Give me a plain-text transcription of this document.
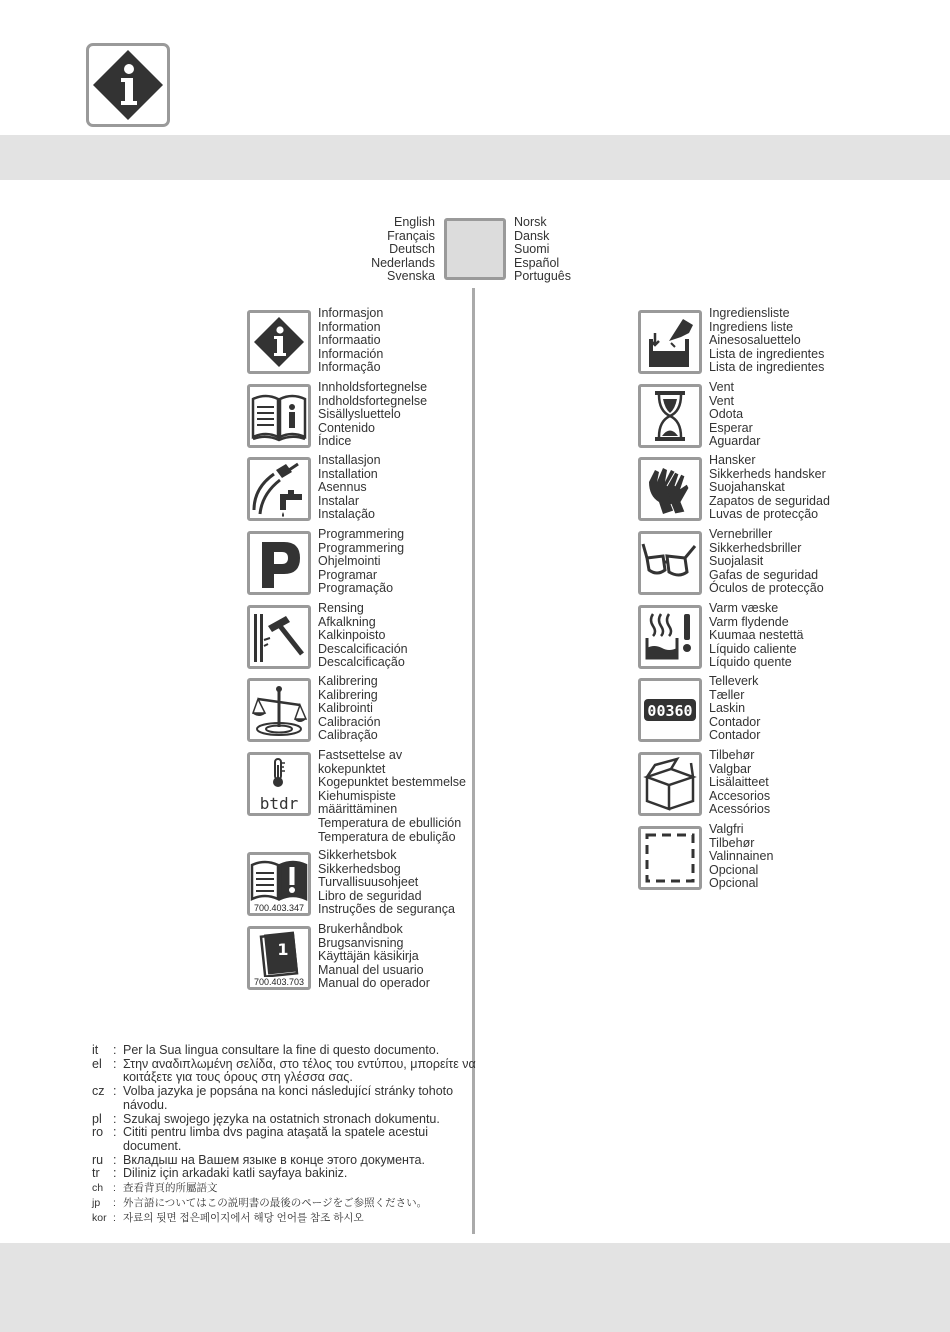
English
Français
Deutsch
Nederlands
Svenska
Norsk
Dansk
Suomi
Español
Português
Informasjon
Information
Informaatio
Información
Informação
Innholdsfortegnelse
Indholdsfortegnelse
Sisällysluettelo
Contenido
Índice
Installasjon
Installation
Asennus
Instalar
Instalação
Programmering
Programmering
Ohjelmointi
Programar
Programação
Rensing
Afkalkning
Kalkinpoisto
Descalcificación
Descalcificação
Kalibrering
Kalibrering
Kalibrointi
Calibración
Calibração
btdr
Fastsettelse av
kokepunktet
Kogepunktet bestemmelse
Kiehumispiste
määrittäminen
Temperatura de ebullición
Temperatura de ebulição
700.403.347
Sikkerhetsbok
Sikkerhedsbog
Turvallisuusohjeet
Libro de seguridad
Instruções de segurança
1
700.403.703
Brukerhåndbok
Brugsanvisning
Käyttäjän käsikirja
Manual del usuario
Manual do operador
Ingrediensliste
Ingrediens liste
Ainesosaluettelo
Lista de ingredientes
Lista de ingredientes
Vent
Vent
Odota
Esperar
Aguardar
Hansker
Sikkerheds handsker
Suojahanskat
Zapatos de seguridad
Luvas de protecção
Vernebriller
Sikkerhedsbriller
Suojalasit
Gafas de seguridad
Óculos de protecção
Varm væske
Varm flydende
Kuumaa nestettä
Líquido caliente
Líquido quente
00360
Telleverk
Tæller
Laskin
Contador
Contador
Tilbehør
Valgbar
Lisälaitteet
Accesorios
Acessórios
Valgfri
Tilbehør
Valinnainen
Opcional
Opcional
it	: Per la Sua lingua consultare la fine di questo documento.
el : Στην αναδιπλωμένη σελίδα, στο τέλος του εντύπου, μπορείτε να κοιτάξετε για τους όρους στη γλέσσα σας.
cz : Volba jazyka je popsána na konci následující stránky tohoto návodu.
pl : Szukaj swojego języka na ostatnich stronach dokumentu.
ro : Cititi pentru limba dvs pagina ataşată la spatele acestui document.
ru : Вкладыш на Вашем языке в конце этого документа.
tr	: Diliniz için arkadaki katli sayfaya bakiniz.
ch : 查看背頁的所屬語文
jp	: 外言語についてはこの説明書の最後のページをご参照ください。
kor : 자료의 뒷면 접은페이지에서 해당 언어를 참조 하시오
